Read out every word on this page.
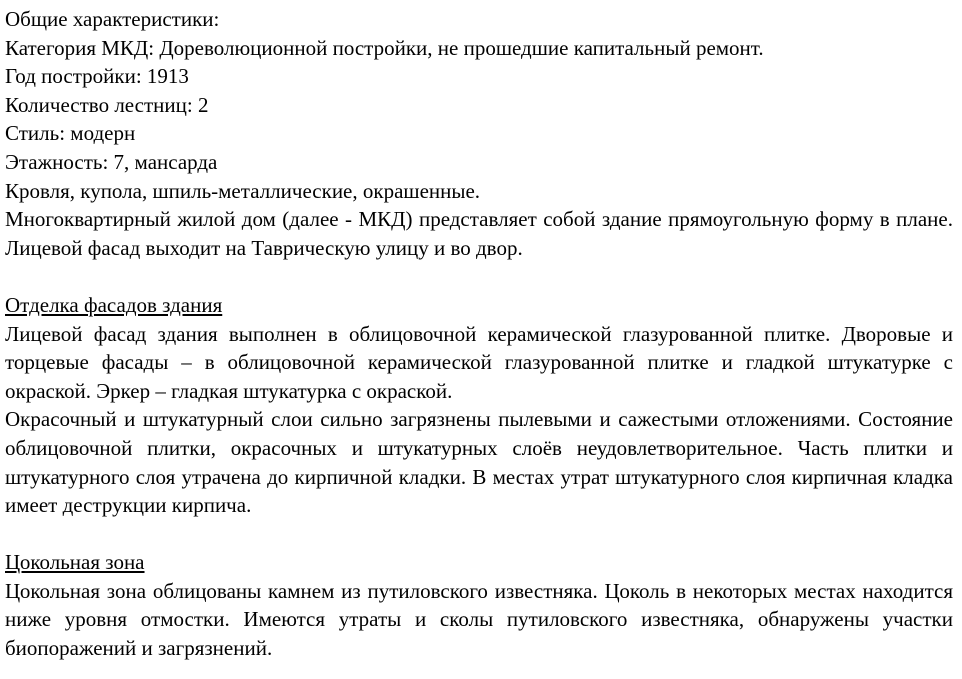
Общие характеристики:
Категория МКД: Дореволюционной постройки, не прошедшие капитальный ремонт.
Год постройки: 1913
Количество лестниц: 2
Стиль: модерн
Этажность: 7, мансарда
Кровля, купола, шпиль-металлические, окрашенные.

Многоквартирный жилой дом (далее - МКД) представляет собой здание прямоугольную форму в плане. Лицевой фасад выходит на Таврическую улицу и во двор.

Отделка фасадов здания

Лицевой фасад здания выполнен в облицовочной керамической глазурованной плитке. Дворовые и торцевые фасады – в облицовочной керамической глазурованной плитке и гладкой штукатурке с окраской. Эркер – гладкая штукатурка с окраской.

Окрасочный и штукатурный слои сильно загрязнены пылевыми и сажестыми отложениями. Состояние облицовочной плитки, окрасочных и штукатурных слоёв неудовлетворительное. Часть плитки и штукатурного слоя утрачена до кирпичной кладки. В местах утрат штукатурного слоя кирпичная кладка имеет деструкции кирпича.

Цокольная зона

Цокольная зона облицованы камнем из путиловского известняка. Цоколь в некоторых местах находится ниже уровня отмостки. Имеются утраты и сколы путиловского известняка, обнаружены участки биопоражений и загрязнений.
